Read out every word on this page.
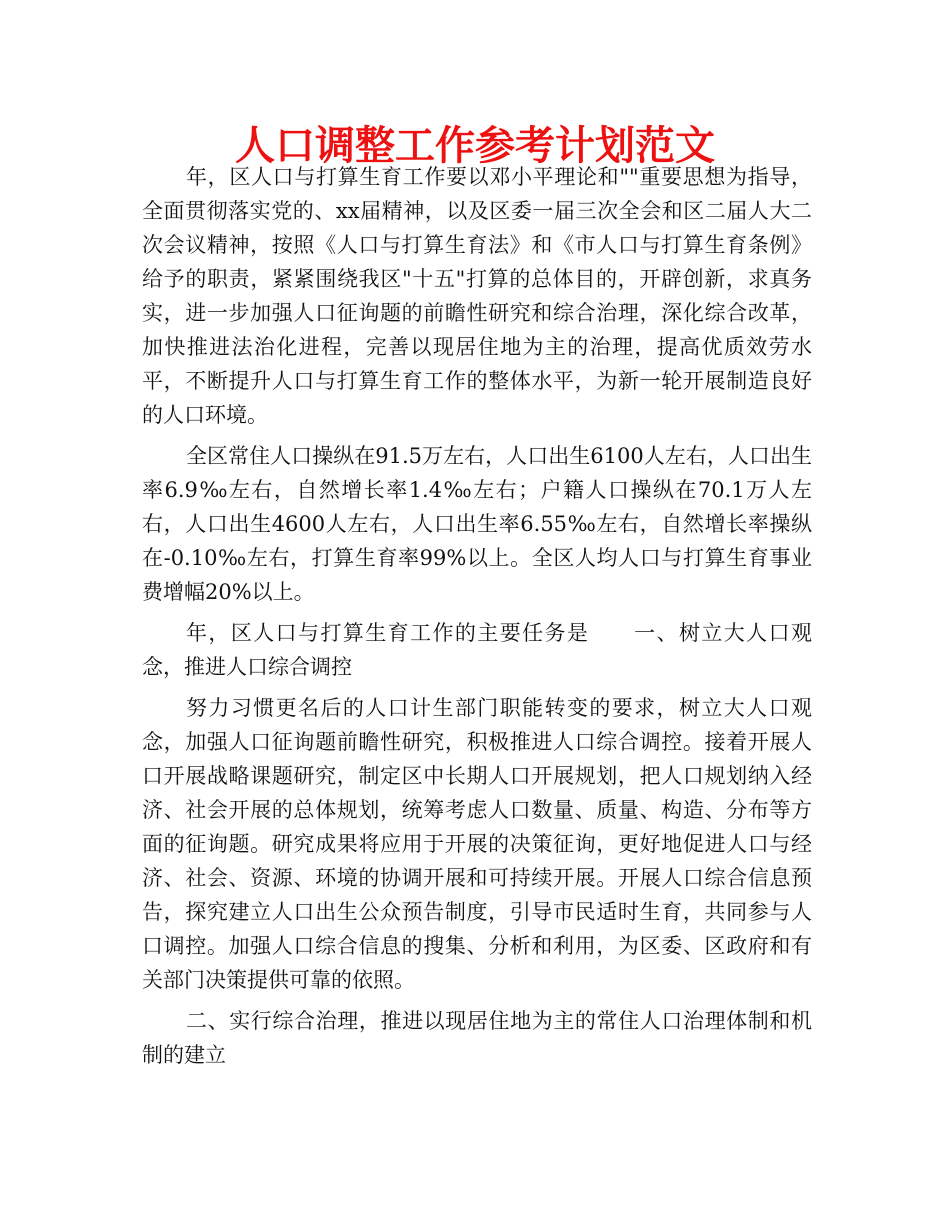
人口调整工作参考计划范文

年，区人口与打算生育工作要以邓小平理论和""重要思想为指导，全面贯彻落实党的、xx届精神，以及区委一届三次全会和区二届人大二次会议精神，按照《人口与打算生育法》和《市人口与打算生育条例》给予的职责，紧紧围绕我区"十五"打算的总体目的，开辟创新，求真务实，进一步加强人口征询题的前瞻性研究和综合治理，深化综合改革，加快推进法治化进程，完善以现居住地为主的治理，提高优质效劳水平，不断提升人口与打算生育工作的整体水平，为新一轮开展制造良好的人口环境。

全区常住人口操纵在91.5万左右，人口出生6100人左右，人口出生率6.9‰左右，自然增长率1.4‰左右；户籍人口操纵在70.1万人左右，人口出生4600人左右，人口出生率6.55‰左右，自然增长率操纵在-0.10‰左右，打算生育率99%以上。全区人均人口与打算生育事业费增幅20%以上。

年，区人口与打算生育工作的主要任务是　　一、树立大人口观念，推进人口综合调控

努力习惯更名后的人口计生部门职能转变的要求，树立大人口观念，加强人口征询题前瞻性研究，积极推进人口综合调控。接着开展人口开展战略课题研究，制定区中长期人口开展规划，把人口规划纳入经济、社会开展的总体规划，统筹考虑人口数量、质量、构造、分布等方面的征询题。研究成果将应用于开展的决策征询，更好地促进人口与经济、社会、资源、环境的协调开展和可持续开展。开展人口综合信息预告，探究建立人口出生公众预告制度，引导市民适时生育，共同参与人口调控。加强人口综合信息的搜集、分析和利用，为区委、区政府和有关部门决策提供可靠的依照。

二、实行综合治理，推进以现居住地为主的常住人口治理体制和机制的建立
